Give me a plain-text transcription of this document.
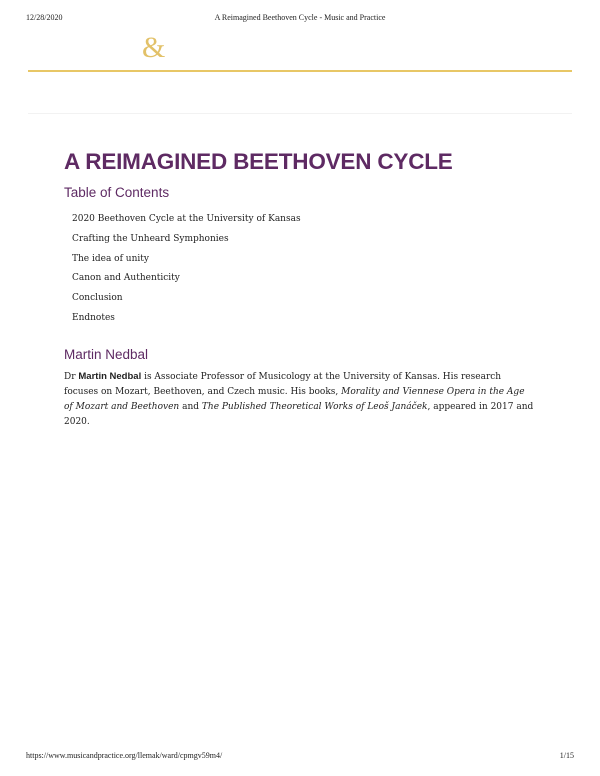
12/28/2020	A Reimagined Beethoven Cycle - Music and Practice
&
A REIMAGINED BEETHOVEN CYCLE
Table of Contents
2020 Beethoven Cycle at the University of Kansas
Crafting the Unheard Symphonies
The idea of unity
Canon and Authenticity
Conclusion
Endnotes
Martin Nedbal

Dr Martin Nedbal is Associate Professor of Musicology at the University of Kansas. His research focuses on Mozart, Beethoven, and Czech music. His books, Morality and Viennese Opera in the Age of Mozart and Beethoven and The Published Theoretical Works of Leoš Janáček, appeared in 2017 and 2020.

https://www.musicandpractice.org/llemak/ward/cpmgv59m4/	1/15
